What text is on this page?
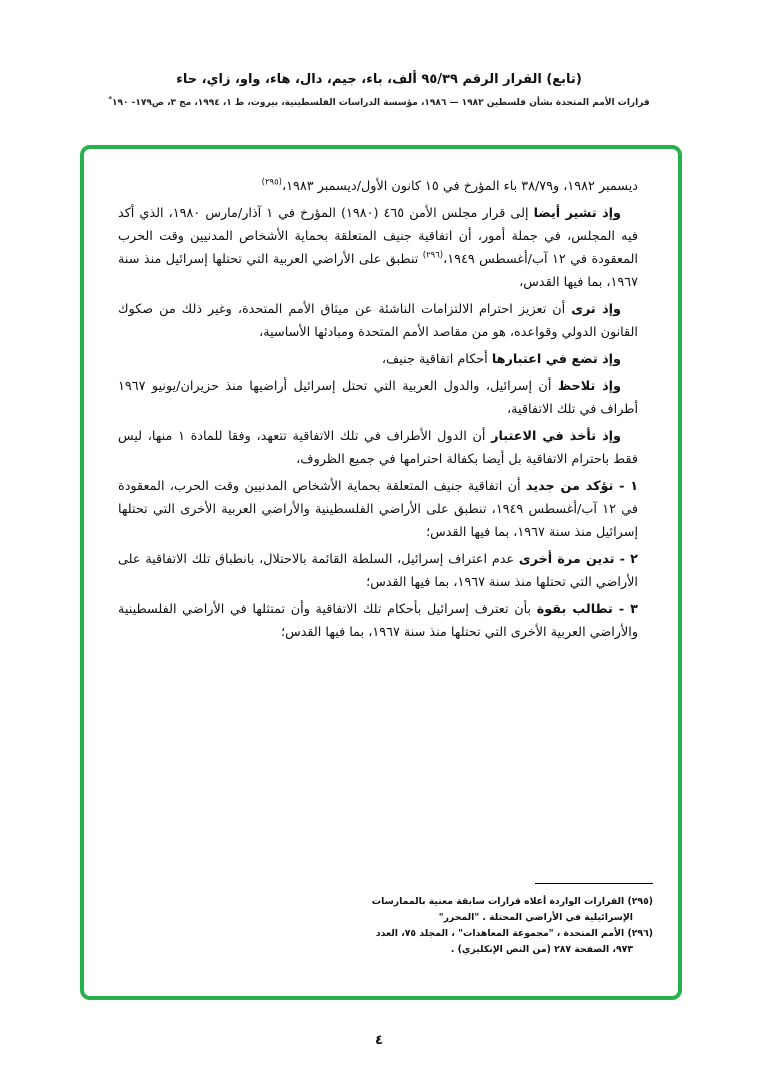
(تابع) القرار الرقم ٩٥/٣٩ ألف، باء، جيم، دال، هاء، واو، زاي، حاء
قرارات الأمم المتحدة بشأن فلسطين ١٩٨٢ — ١٩٨٦، مؤسسة الدراسات الفلسطينية، بيروت، ط ١، ١٩٩٤، مج ٣، ص١٧٩- ١٩٠*

ديسمبر ١٩٨٢، و٣٨/٧٩ باء المؤرخ في ١٥ كانون الأول/ديسمبر ١٩٨٣،$^{(٢٩٥)}$

وإذ تشير أيضا إلى قرار مجلس الأمن ٤٦٥ (١٩٨٠) المؤرخ في ١ آذار/مارس ١٩٨٠، الذي أكد فيه المجلس، في جملة أمور، أن اتفاقية جنيف المتعلقة بحماية الأشخاص المدنيين وقت الحرب المعقودة في ١٢ آب/أغسطس ١٩٤٩،$^{(٢٩٦)}$ تنطبق على الأراضي العربية التي تحتلها إسرائيل منذ سنة ١٩٦٧، بما فيها القدس،

وإذ ترى أن تعزيز احترام الالتزامات الناشئة عن ميثاق الأمم المتحدة، وغير ذلك من صكوك القانون الدولي وقواعده، هو من مقاصد الأمم المتحدة ومبادئها الأساسية،

وإذ تضع في اعتبارها أحكام اتفاقية جنيف،

وإذ تلاحظ أن إسرائيل، والدول العربية التي تحتل إسرائيل أراضيها منذ حزيران/يونيو ١٩٦٧ أطراف في تلك الاتفاقية،

وإذ تأخذ في الاعتبار أن الدول الأطراف في تلك الاتفاقية تتعهد، وفقا للمادة ١ منها، ليس فقط باحترام الاتفاقية بل أيضا بكفالة احترامها في جميع الظروف،

١ - تؤكد من جديد أن اتفاقية جنيف المتعلقة بحماية الأشخاص المدنيين وقت الحرب، المعقودة في ١٢ آب/أغسطس ١٩٤٩، تنطبق على الأراضي الفلسطينية والأراضي العربية الأخرى التي تحتلها إسرائيل منذ سنة ١٩٦٧، بما فيها القدس؛

٢ - تدين مرة أخرى عدم اعتراف إسرائيل، السلطة القائمة بالاحتلال، بانطباق تلك الاتفاقية على الأراضي التي تحتلها منذ سنة ١٩٦٧، بما فيها القدس؛

٣ - تطالب بقوة بأن تعترف إسرائيل بأحكام تلك الاتفاقية وأن تمتثلها في الأراضي الفلسطينية والأراضي العربية الأخرى التي تحتلها منذ سنة ١٩٦٧، بما فيها القدس؛

(٢٩٥) القرارات الواردة أعلاه قرارات سابقة معنية بالممارسات الإسرائيلية في الأراضي المحتلة . "المحرر"
(٢٩٦) الأمم المتحدة ، "مجموعة المعاهدات" ، المجلد ٧٥، العدد ٩٧٣، الصفحة ٢٨٧ (من النص الإنكليزي) .
٤
